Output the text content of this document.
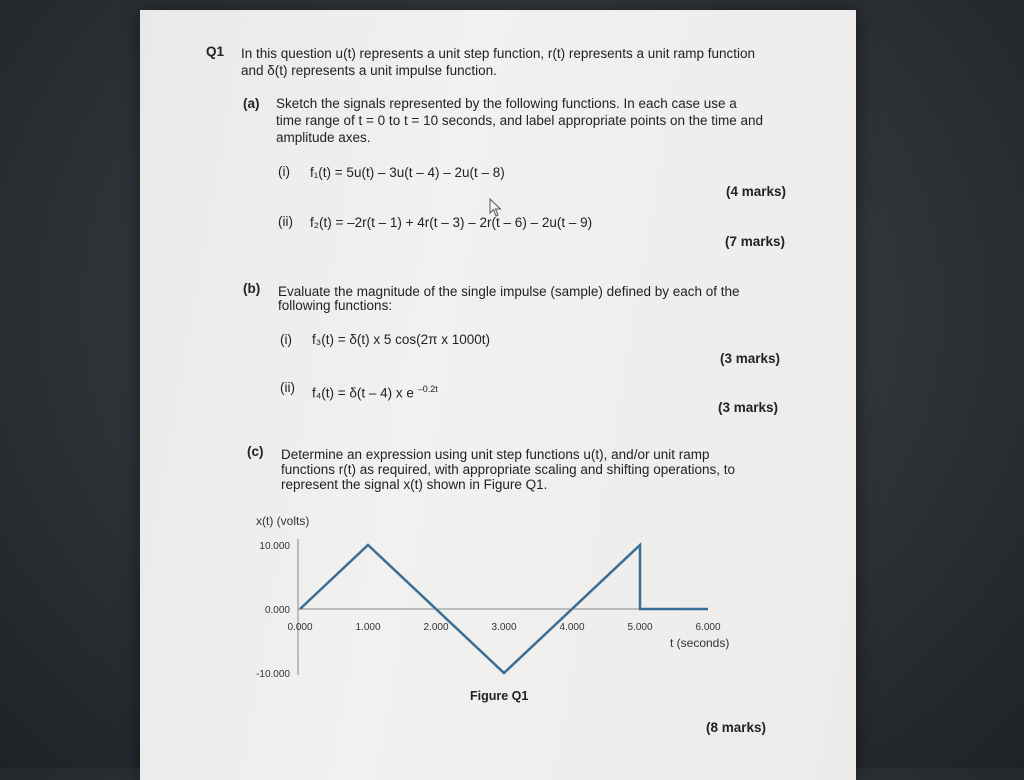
Q1 In this question u(t) represents a unit step function, r(t) represents a unit ramp function
and δ(t) represents a unit impulse function.
(a) Sketch the signals represented by the following functions. In each case use a
time range of t = 0 to t = 10 seconds, and label appropriate points on the time and
amplitude axes.
(i) f₁(t) = 5u(t) – 3u(t – 4) – 2u(t – 8)
(4 marks)
(ii) f₂(t) = –2r(t – 1) + 4r(t – 3) – 2r(t – 6) – 2u(t – 9)
(7 marks)
(b) Evaluate the magnitude of the single impulse (sample) defined by each of the
following functions:
(i) f₃(t) = δ(t) x 5 cos(2π x 1000t)
(3 marks)
(ii) f₄(t) = δ(t – 4) x e $^{-0.2t}$
(3 marks)
(c) Determine an expression using unit step functions u(t), and/or unit ramp
functions r(t) as required, with appropriate scaling and shifting operations, to
represent the signal x(t) shown in Figure Q1.
x(t) (volts)
t (seconds)
0.000	1.000	2.000	3.000	4.000	5.000	6.000
10.000
0.000
-10.000
Figure Q1
(8 marks)
